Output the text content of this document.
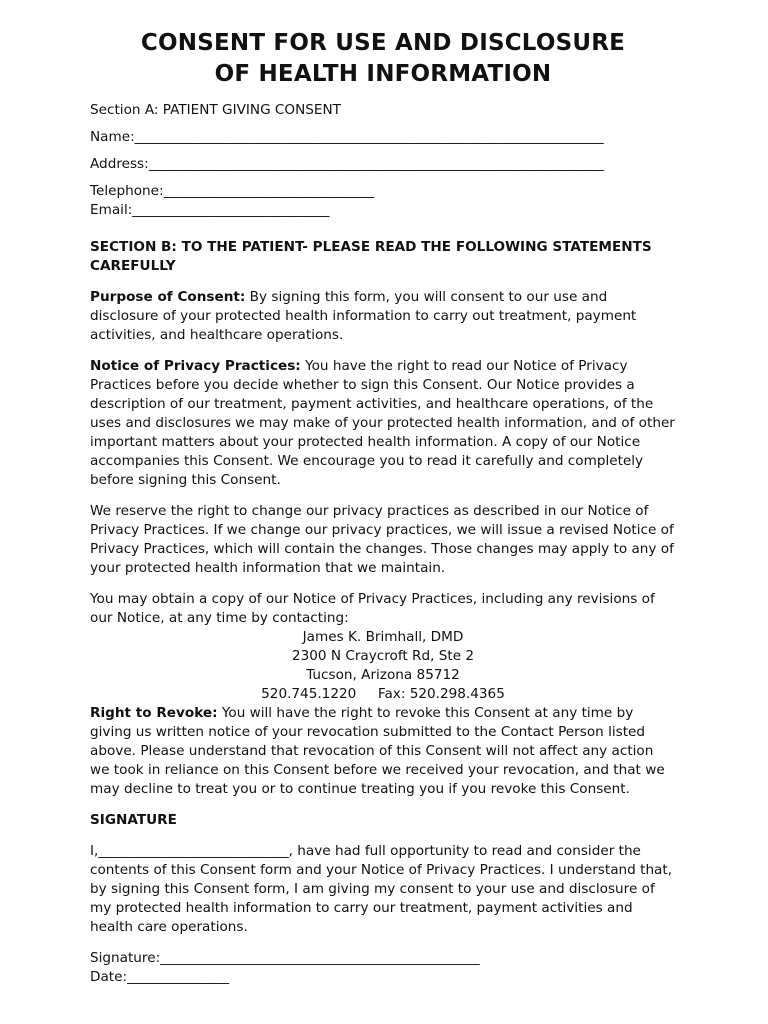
CONSENT FOR USE AND DISCLOSURE
OF HEALTH INFORMATION

Section A: PATIENT GIVING CONSENT

Name:_____________________________________________________________________

Address:___________________________________________________________________

Telephone:_______________________________

Email:_____________________________

SECTION B: TO THE PATIENT- PLEASE READ THE FOLLOWING STATEMENTS CAREFULLY

Purpose of Consent: By signing this form, you will consent to our use and disclosure of your protected health information to carry out treatment, payment activities, and healthcare operations.

Notice of Privacy Practices: You have the right to read our Notice of Privacy Practices before you decide whether to sign this Consent. Our Notice provides a description of our treatment, payment activities, and healthcare operations, of the uses and disclosures we may make of your protected health information, and of other important matters about your protected health information. A copy of our Notice accompanies this Consent. We encourage you to read it carefully and completely before signing this Consent.

We reserve the right to change our privacy practices as described in our Notice of Privacy Practices. If we change our privacy practices, we will issue a revised Notice of Privacy Practices, which will contain the changes. Those changes may apply to any of your protected health information that we maintain.

You may obtain a copy of our Notice of Privacy Practices, including any revisions of our Notice, at any time by contacting:

James K. Brimhall, DMD

2300 N Craycroft Rd, Ste 2

Tucson, Arizona 85712

520.745.1220     Fax: 520.298.4365

Right to Revoke: You will have the right to revoke this Consent at any time by giving us written notice of your revocation submitted to the Contact Person listed above. Please understand that revocation of this Consent will not affect any action we took in reliance on this Consent before we received your revocation, and that we may decline to treat you or to continue treating you if you revoke this Consent.

SIGNATURE

I,____________________________, have had full opportunity to read and consider the contents of this Consent form and your Notice of Privacy Practices. I understand that, by signing this Consent form, I am giving my consent to your use and disclosure of my protected health information to carry our treatment, payment activities and health care operations.

Signature:_______________________________________________

Date:_______________
